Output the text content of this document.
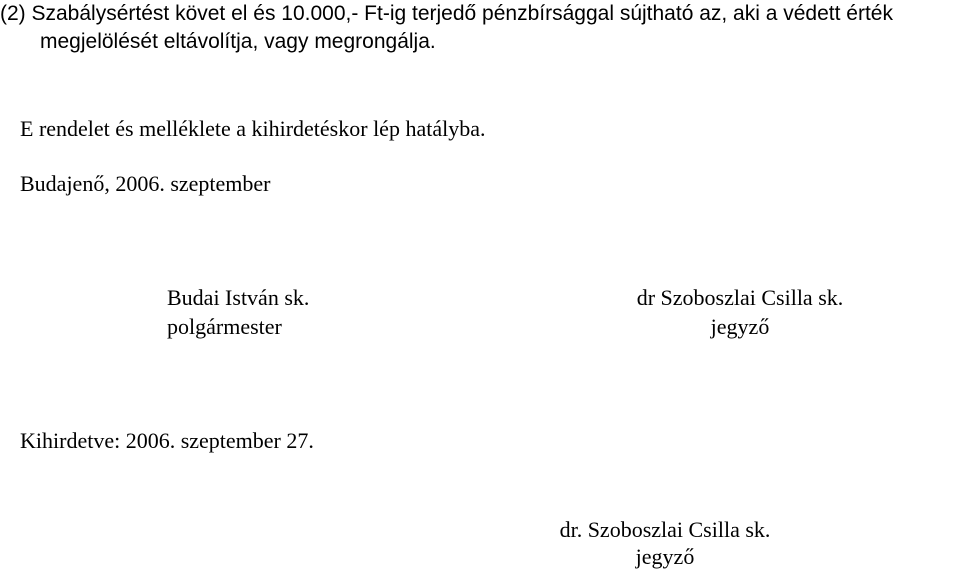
(2) Szabálysértést követ el és 10.000,- Ft-ig terjedő pénzbírsággal sújtható az, aki a védett érték
megjelölését eltávolítja, vagy megrongálja.
E rendelet és melléklete a kihirdetéskor lép hatályba.
Budajenő, 2006. szeptember
Budai István sk.
polgármester
dr Szoboszlai Csilla sk.
jegyző
Kihirdetve: 2006. szeptember 27.
dr. Szoboszlai Csilla sk.
jegyző
